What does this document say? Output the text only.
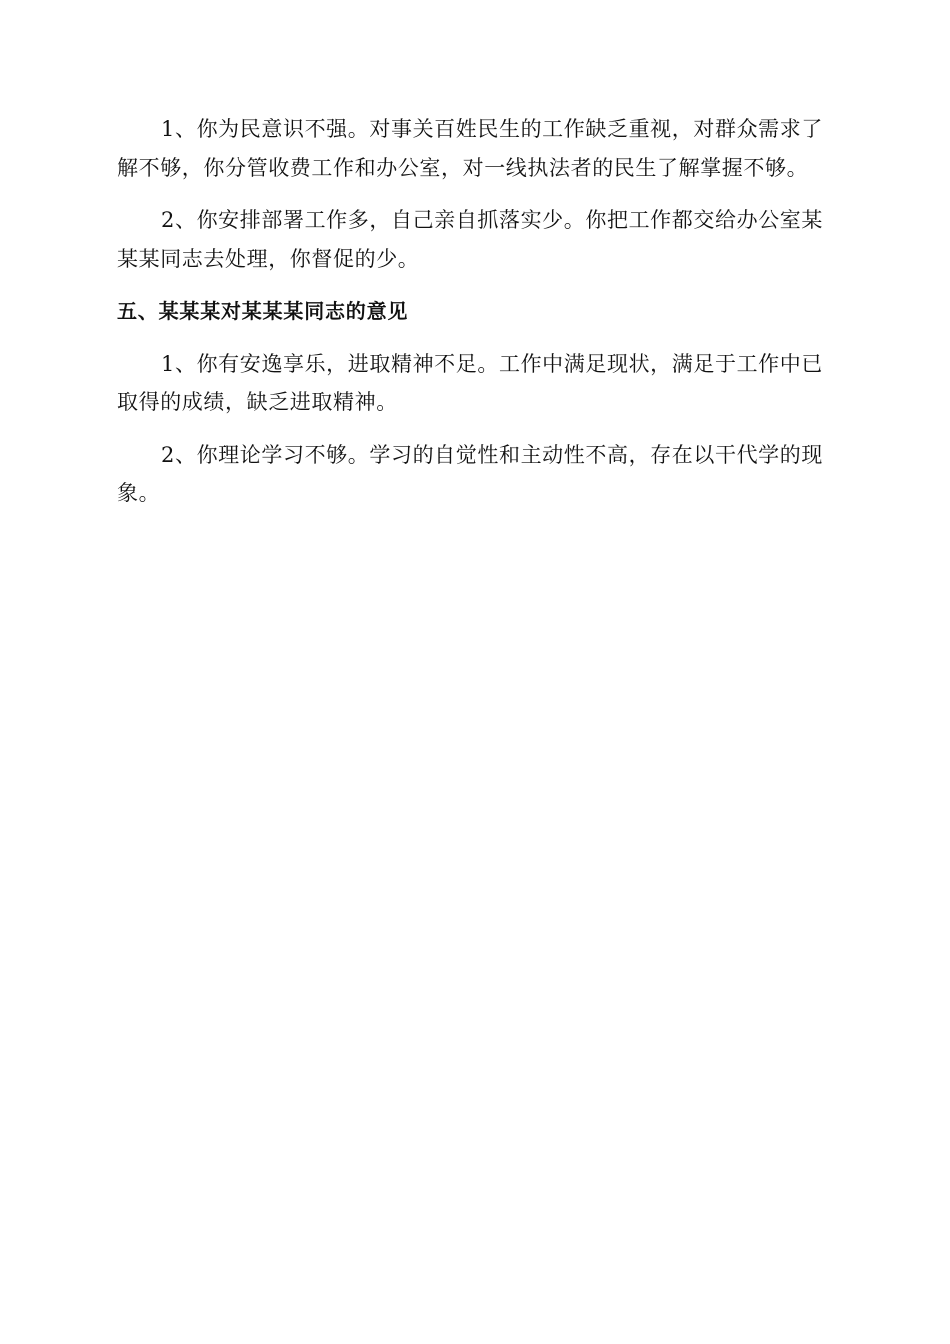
1、你为民意识不强。对事关百姓民生的工作缺乏重视，对群众需求了解不够，你分管收费工作和办公室，对一线执法者的民生了解掌握不够。

2、你安排部署工作多，自己亲自抓落实少。你把工作都交给办公室某某某同志去处理，你督促的少。

五、某某某对某某某同志的意见

1、你有安逸享乐，进取精神不足。工作中满足现状，满足于工作中已取得的成绩，缺乏进取精神。

2、你理论学习不够。学习的自觉性和主动性不高，存在以干代学的现象。
